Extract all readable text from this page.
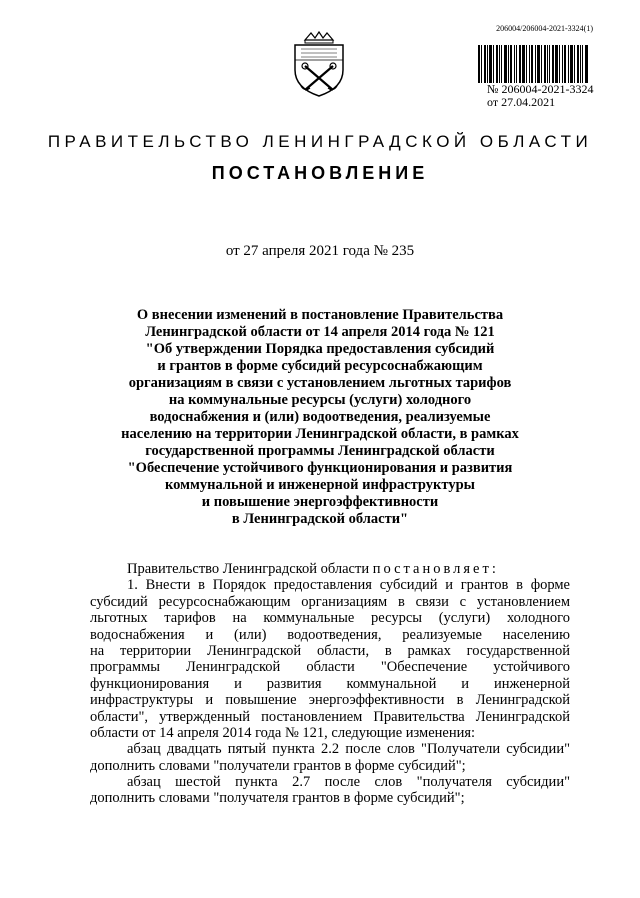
206004/206004-2021-3324(1)
№ 206004-2021-3324
от 27.04.2021
ПРАВИТЕЛЬСТВО ЛЕНИНГРАДСКОЙ ОБЛАСТИ
ПОСТАНОВЛЕНИЕ
от 27 апреля 2021 года № 235
О внесении изменений в постановление Правительства
Ленинградской области от 14 апреля 2014 года № 121
"Об утверждении Порядка предоставления субсидий
и грантов в форме субсидий ресурсоснабжающим
организациям в связи с установлением льготных тарифов
на коммунальные ресурсы (услуги) холодного
водоснабжения и (или) водоотведения, реализуемые
населению на территории Ленинградской области, в рамках
государственной программы Ленинградской области
"Обеспечение устойчивого функционирования и развития
коммунальной и инженерной инфраструктуры
и повышение энергоэффективности
в Ленинградской области"
Правительство Ленинградской области постановляет:
1. Внести в Порядок предоставления субсидий и грантов в форме
субсидий ресурсоснабжающим организациям в связи с установлением
льготных тарифов на коммунальные ресурсы (услуги) холодного
водоснабжения и (или) водоотведения, реализуемые населению
на территории Ленинградской области, в рамках государственной
программы Ленинградской области "Обеспечение устойчивого
функционирования и развития коммунальной и инженерной
инфраструктуры и повышение энергоэффективности в Ленинградской
области", утвержденный постановлением Правительства Ленинградской
области от 14 апреля 2014 года № 121, следующие изменения:
абзац двадцать пятый пункта 2.2 после слов "Получатели субсидии"
дополнить словами "получатели грантов в форме субсидий";
абзац шестой пункта 2.7 после слов "получателя субсидии"
дополнить словами "получателя грантов в форме субсидий";
